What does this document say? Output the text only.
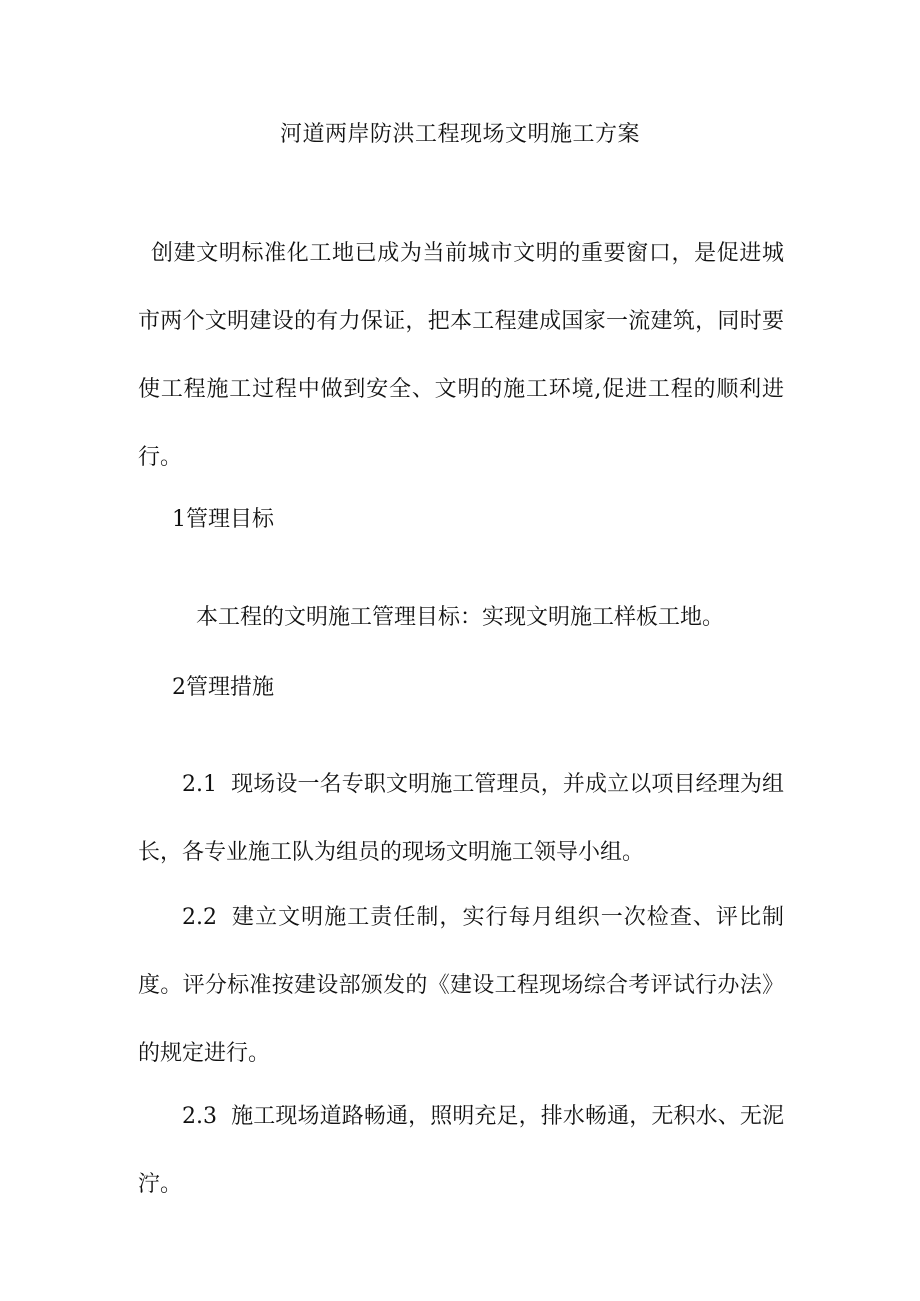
河道两岸防洪工程现场文明施工方案

创建文明标准化工地已成为当前城市文明的重要窗口，是促进城市两个文明建设的有力保证，把本工程建成国家一流建筑，同时要使工程施工过程中做到安全、文明的施工环境,促进工程的顺利进行。

1管理目标

本工程的文明施工管理目标：实现文明施工样板工地。

2管理措施

2.1 现场设一名专职文明施工管理员，并成立以项目经理为组长，各专业施工队为组员的现场文明施工领导小组。

2.2 建立文明施工责任制，实行每月组织一次检查、评比制度。评分标准按建设部颁发的《建设工程现场综合考评试行办法》的规定进行。

2.3 施工现场道路畅通，照明充足，排水畅通，无积水、无泥泞。
